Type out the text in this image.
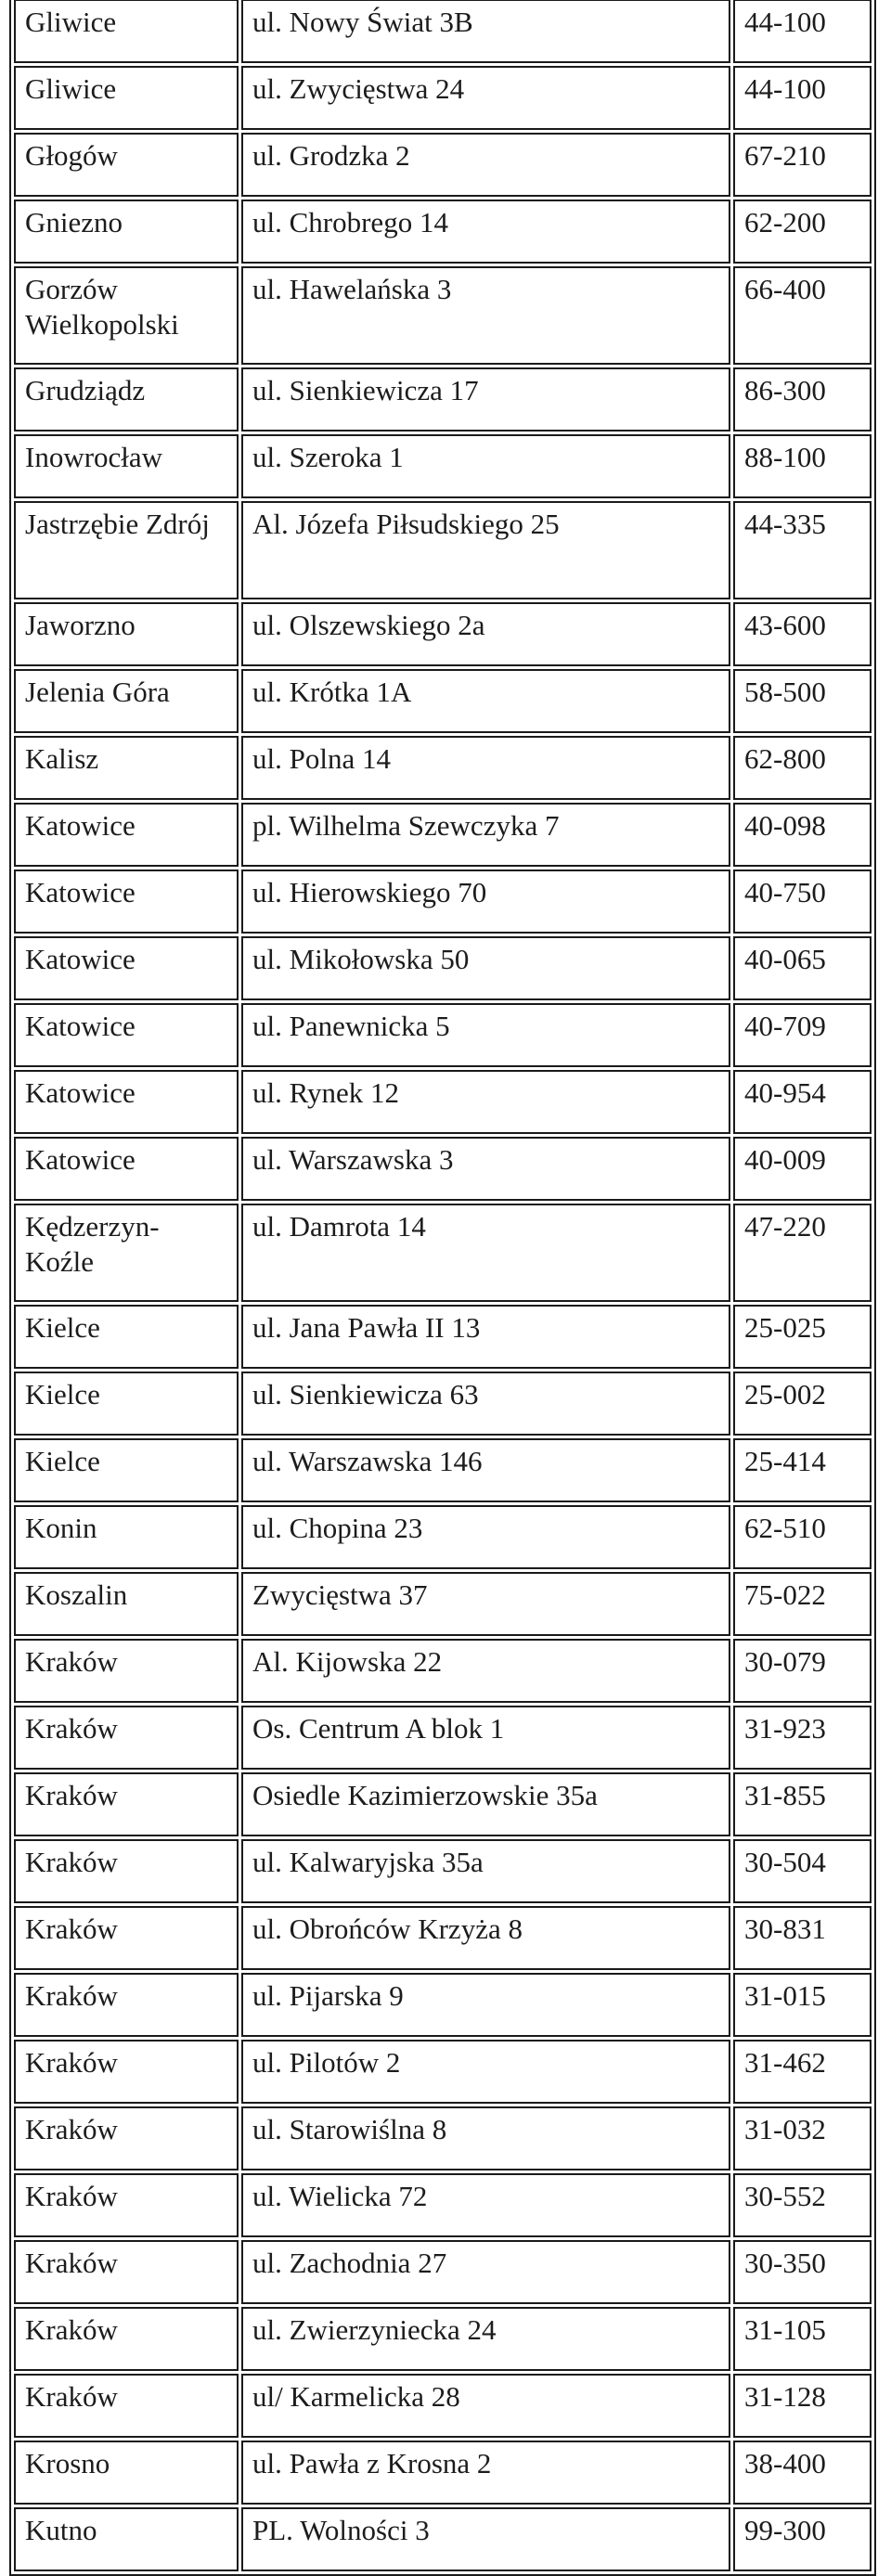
Gliwice	ul. Nowy Świat 3B	44-100
Gliwice	ul. Zwycięstwa 24	44-100
Głogów	ul. Grodzka 2	67-210
Gniezno	ul. Chrobrego 14	62-200
Gorzów Wielkopolski	ul. Hawelańska 3	66-400
Grudziądz	ul. Sienkiewicza 17	86-300
Inowrocław	ul. Szeroka 1	88-100
Jastrzębie Zdrój	Al. Józefa Piłsudskiego 25	44-335
Jaworzno	ul. Olszewskiego 2a	43-600
Jelenia Góra	ul. Krótka 1A	58-500
Kalisz	ul. Polna 14	62-800
Katowice	pl. Wilhelma Szewczyka 7	40-098
Katowice	ul. Hierowskiego 70	40-750
Katowice	ul. Mikołowska 50	40-065
Katowice	ul. Panewnicka 5	40-709
Katowice	ul. Rynek 12	40-954
Katowice	ul. Warszawska 3	40-009
Kędzerzyn-Koźle	ul. Damrota 14	47-220
Kielce	ul. Jana Pawła II 13	25-025
Kielce	ul. Sienkiewicza 63	25-002
Kielce	ul. Warszawska 146	25-414
Konin	ul. Chopina 23	62-510
Koszalin	Zwycięstwa 37	75-022
Kraków	Al. Kijowska 22	30-079
Kraków	Os. Centrum A blok 1	31-923
Kraków	Osiedle Kazimierzowskie 35a	31-855
Kraków	ul. Kalwaryjska 35a	30-504
Kraków	ul. Obrońców Krzyża 8	30-831
Kraków	ul. Pijarska 9	31-015
Kraków	ul. Pilotów 2	31-462
Kraków	ul. Starowiślna 8	31-032
Kraków	ul. Wielicka 72	30-552
Kraków	ul. Zachodnia 27	30-350
Kraków	ul. Zwierzyniecka 24	31-105
Kraków	ul/ Karmelicka 28	31-128
Krosno	ul. Pawła z Krosna 2	38-400
Kutno	PL. Wolności 3	99-300
